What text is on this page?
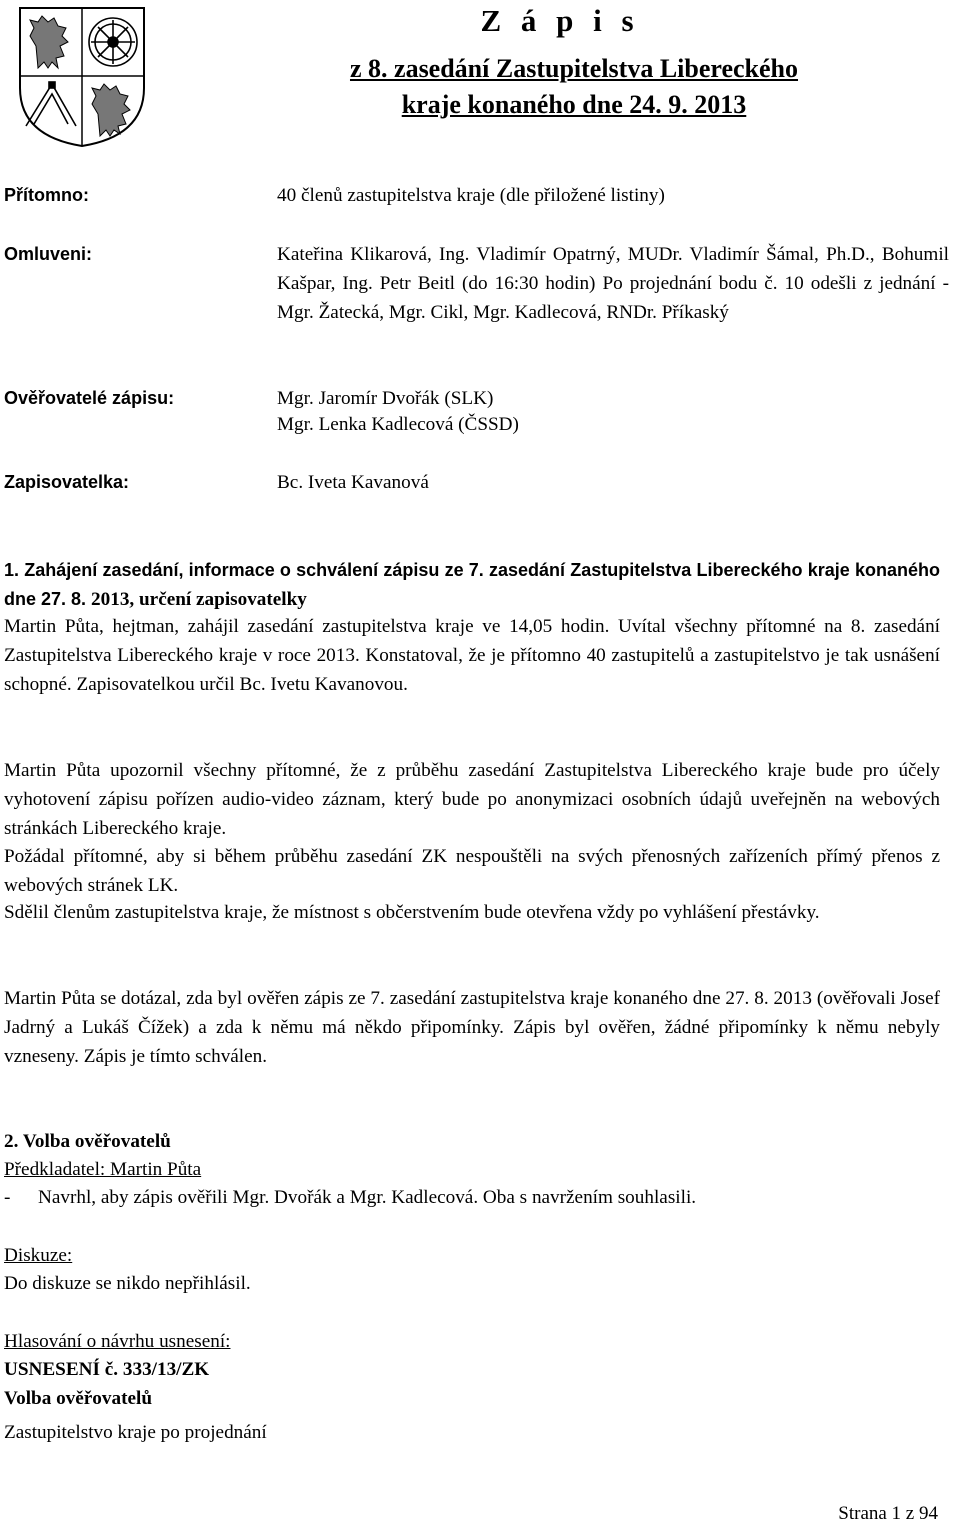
Z á p i s
z 8. zasedání Zastupitelstva Libereckého
kraje konaného dne 24. 9. 2013
Přítomno:	40 členů zastupitelstva kraje (dle přiložené listiny)
Omluveni:	Kateřina Klikarová, Ing. Vladimír Opatrný, MUDr. Vladimír Šámal, Ph.D., Bohumil Kašpar, Ing. Petr Beitl (do 16:30 hodin) Po projednání bodu č. 10 odešli z jednání - Mgr. Žatecká, Mgr. Cikl, Mgr. Kadlecová, RNDr. Příkaský
Ověřovatelé zápisu:	Mgr. Jaromír Dvořák (SLK)
Mgr. Lenka Kadlecová (ČSSD)
Zapisovatelka:	Bc. Iveta Kavanová
1. Zahájení zasedání, informace o schválení zápisu ze 7. zasedání Zastupitelstva Libereckého kraje konaného dne 27. 8. 2013, určení zapisovatelky
Martin Půta, hejtman, zahájil zasedání zastupitelstva kraje ve 14,05 hodin. Uvítal všechny přítomné na 8. zasedání Zastupitelstva Libereckého kraje v roce 2013. Konstatoval, že je přítomno 40 zastupitelů a zastupitelstvo je tak usnášení schopné. Zapisovatelkou určil Bc. Ivetu Kavanovou.
Martin Půta upozornil všechny přítomné, že z průběhu zasedání Zastupitelstva Libereckého kraje bude pro účely vyhotovení zápisu pořízen audio-video záznam, který bude po anonymizaci osobních údajů uveřejněn na webových stránkách Libereckého kraje.
Požádal přítomné, aby si během průběhu zasedání ZK nespouštěli na svých přenosných zařízeních přímý přenos z webových stránek LK.
Sdělil členům zastupitelstva kraje, že místnost s občerstvením bude otevřena vždy po vyhlášení přestávky.
Martin Půta se dotázal, zda byl ověřen zápis ze 7. zasedání zastupitelstva kraje konaného dne 27. 8. 2013 (ověřovali Josef Jadrný a Lukáš Čížek) a zda k němu má někdo připomínky. Zápis byl ověřen, žádné připomínky k němu nebyly vzneseny. Zápis je tímto schválen.
2. Volba ověřovatelů
Předkladatel: Martin Půta
- Navrhl, aby zápis ověřili Mgr. Dvořák a Mgr. Kadlecová. Oba s navržením souhlasili.
Diskuze:
Do diskuze se nikdo nepřihlásil.
Hlasování o návrhu usnesení:
USNESENÍ č. 333/13/ZK
Volba ověřovatelů
Zastupitelstvo kraje po projednání
Strana 1 z 94
